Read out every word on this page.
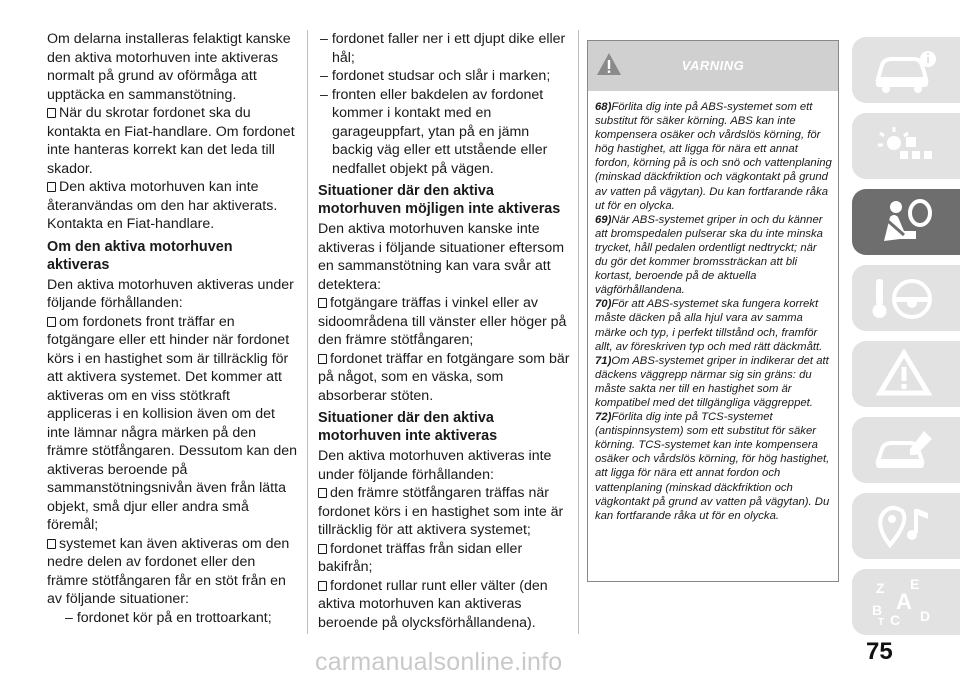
Om delarna installeras felaktigt kanske den aktiva motorhuven inte aktiveras normalt på grund av oförmåga att upptäcka en sammanstötning.

När du skrotar fordonet ska du kontakta en Fiat-handlare. Om fordonet inte hanteras korrekt kan det leda till skador.

Den aktiva motorhuven kan inte återanvändas om den har aktiverats. Kontakta en Fiat-handlare.

Om den aktiva motorhuven aktiveras

Den aktiva motorhuven aktiveras under följande förhållanden:

om fordonets front träffar en fotgängare eller ett hinder när fordonet körs i en hastighet som är tillräcklig för att aktivera systemet. Det kommer att aktiveras om en viss stötkraft appliceras i en kollision även om det inte lämnar några märken på den främre stötfångaren. Dessutom kan den aktiveras beroende på sammanstötningsnivån även från lätta objekt, små djur eller andra små föremål;

systemet kan även aktiveras om den nedre delen av fordonet eller den främre stötfångaren får en stöt från en av följande situationer:

– fordonet kör på en trottoarkant;

– fordonet faller ner i ett djupt dike eller hål;

– fordonet studsar och slår i marken;

– fronten eller bakdelen av fordonet kommer i kontakt med en garageuppfart, ytan på en jämn backig väg eller ett utstående eller nedfallet objekt på vägen.

Situationer där den aktiva motorhuven möjligen inte aktiveras

Den aktiva motorhuven kanske inte aktiveras i följande situationer eftersom en sammanstötning kan vara svår att detektera:

fotgängare träffas i vinkel eller av sidoområdena till vänster eller höger på den främre stötfångaren;

fordonet träffar en fotgängare som bär på något, som en väska, som absorberar stöten.

Situationer där den aktiva motorhuven inte aktiveras

Den aktiva motorhuven aktiveras inte under följande förhållanden:

den främre stötfångaren träffas när fordonet körs i en hastighet som inte är tillräcklig för att aktivera systemet;

fordonet träffas från sidan eller bakifrån;

fordonet rullar runt eller välter (den aktiva motorhuven kan aktiveras beroende på olycksförhållandena).

VARNING

68)Förlita dig inte på ABS-systemet som ett substitut för säker körning. ABS kan inte kompensera osäker och vårdslös körning, för hög hastighet, att ligga för nära ett annat fordon, körning på is och snö och vattenplaning (minskad däckfriktion och vägkontakt på grund av vatten på vägytan). Du kan fortfarande råka ut för en olycka.

69)När ABS-systemet griper in och du känner att bromspedalen pulserar ska du inte minska trycket, håll pedalen ordentligt nedtryckt; när du gör det kommer bromssträckan att bli kortast, beroende på de aktuella vägförhållandena.

70)För att ABS-systemet ska fungera korrekt måste däcken på alla hjul vara av samma märke och typ, i perfekt tillstånd och, framför allt, av föreskriven typ och med rätt däckmått.

71)Om ABS-systemet griper in indikerar det att däckens väggrepp närmar sig sin gräns: du måste sakta ner till en hastighet som är kompatibel med det tillgängliga väggreppet.

72)Förlita dig inte på TCS-systemet (antispinnsystem) som ett substitut för säker körning. TCS-systemet kan inte kompensera osäker och vårdslös körning, för hög hastighet, att ligga för nära ett annat fordon och vattenplaning (minskad däckfriktion och vägkontakt på grund av vatten på vägytan). Du kan fortfarande råka ut för en olycka.

Z E
A
B
C
T	D
75
carmanualsonline.info
